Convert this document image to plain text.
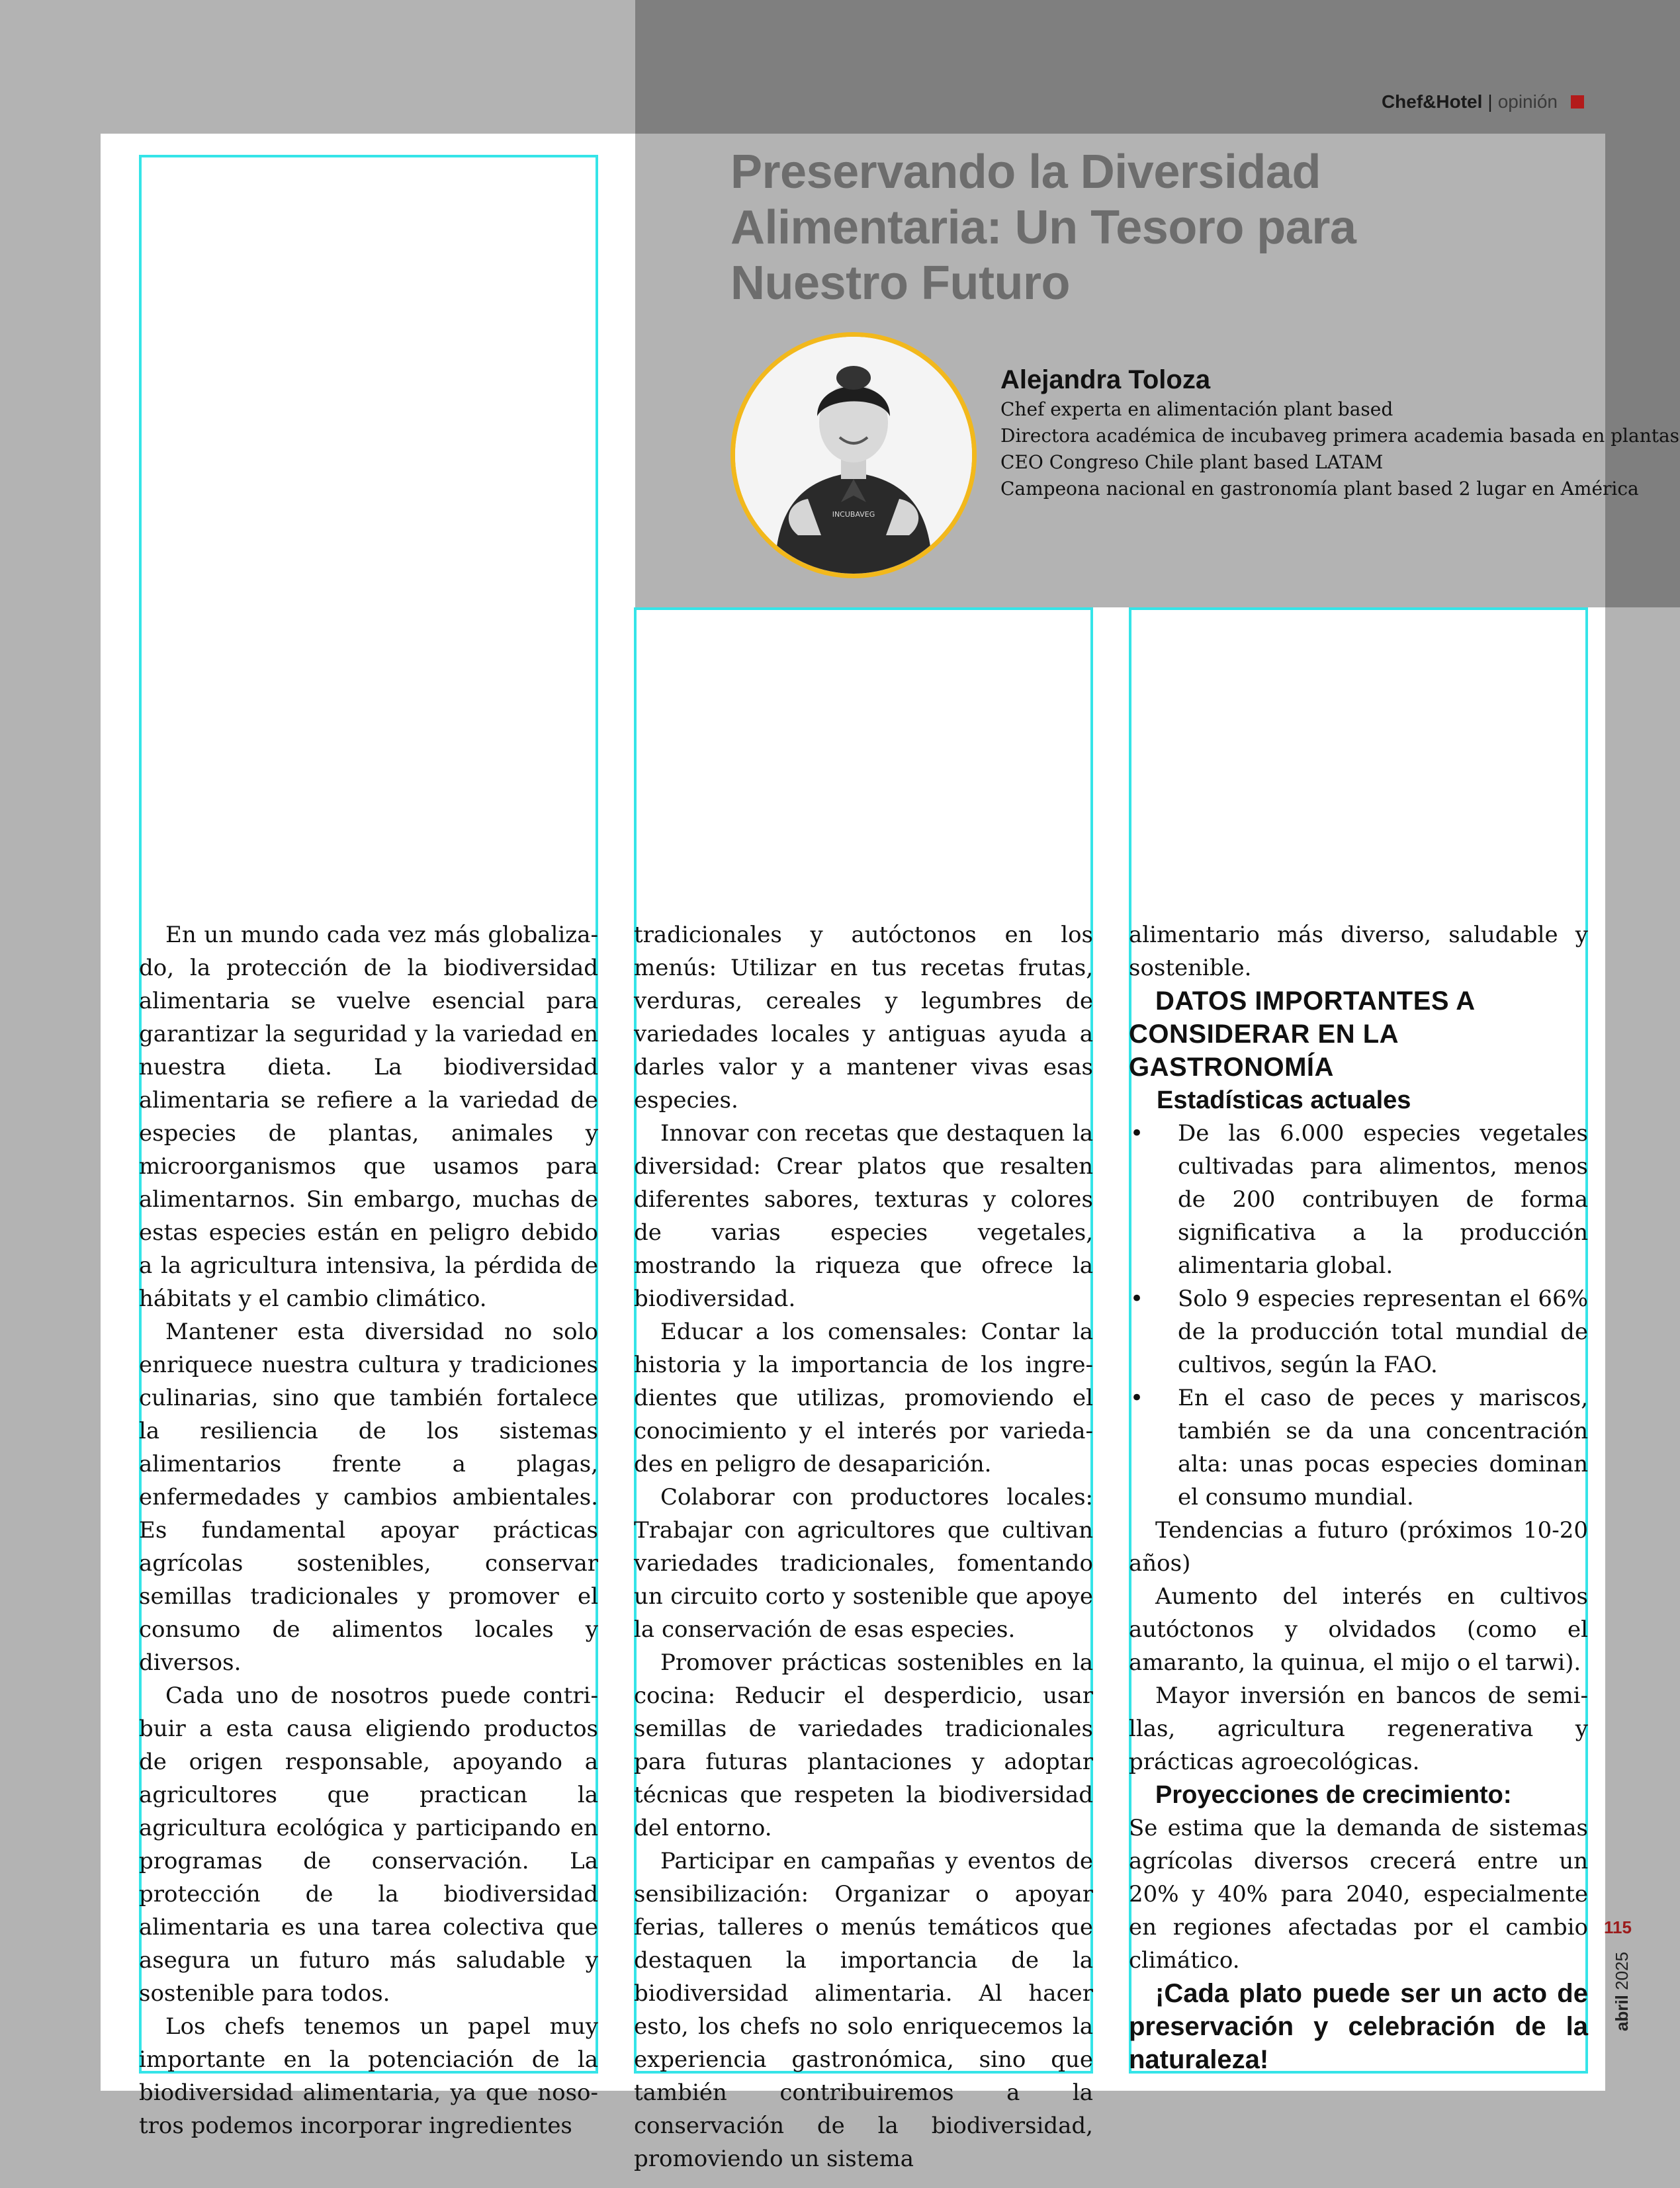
Chef&Hotel | opinión
Preservando la Diversidad Alimentaria: Un Tesoro para Nuestro Futuro
INCUBAVEG
Alejandra Toloza
Chef experta en alimentación plant based
Directora académica de incubaveg primera academia basada en plantas
CEO Congreso Chile plant based LATAM
Campeona nacional en gastronomía plant based 2 lugar en América

En un mundo cada vez más globalizado, la protección de la biodiversidad alimentaria se vuelve esencial para garantizar la seguridad y la variedad en nuestra dieta. La biodiversidad alimentaria se refiere a la variedad de especies de plantas, animales y microorganismos que usamos para alimentarnos. Sin embargo, muchas de estas especies están en peligro debido a la agricultura intensiva, la pérdida de hábitats y el cambio climático.

Mantener esta diversidad no solo enriquece nuestra cultura y tradiciones culinarias, sino que también fortalece la resiliencia de los sistemas alimentarios frente a plagas, enfermedades y cambios ambientales. Es fundamental apoyar prácticas agrícolas sostenibles, conservar semillas tradicionales y promover el consumo de alimentos locales y diversos.

Cada uno de nosotros puede contribuir a esta causa eligiendo productos de origen responsable, apoyando a agricultores que practican la agricultura ecológica y participando en programas de conservación. La protección de la biodiversidad alimentaria es una tarea colectiva que asegura un futuro más saludable y sostenible para todos.

Los chefs tenemos un papel muy importante en la potenciación de la biodiversidad alimentaria, ya que nosotros podemos incorporar ingredientes

tradicionales y autóctonos en los menús: Utilizar en tus recetas frutas, verduras, cereales y legumbres de variedades locales y antiguas ayuda a darles valor y a mantener vivas esas especies.

Innovar con recetas que destaquen la diversidad: Crear platos que resalten diferentes sabores, texturas y colores de varias especies vegetales, mostrando la riqueza que ofrece la biodiversidad.

Educar a los comensales: Contar la historia y la importancia de los ingredientes que utilizas, promoviendo el conocimiento y el interés por variedades en peligro de desaparición.

Colaborar con productores locales: Trabajar con agricultores que cultivan variedades tradicionales, fomentando un circuito corto y sostenible que apoye la conservación de esas especies.

Promover prácticas sostenibles en la cocina: Reducir el desperdicio, usar semillas de variedades tradicionales para futuras plantaciones y adoptar técnicas que respeten la biodiversidad del entorno.

Participar en campañas y eventos de sensibilización: Organizar o apoyar ferias, talleres o menús temáticos que destaquen la importancia de la biodiversidad alimentaria. Al hacer esto, los chefs no solo enriquecemos la experiencia gastronómica, sino que también contribuiremos a la conservación de la biodiversidad, promoviendo un sistema

alimentario más diverso, saludable y sostenible.

DATOS IMPORTANTES A CONSIDERAR EN LA GASTRONOMÍA
Estadísticas actuales
• De las 6.000 especies vegetales cultivadas para alimentos, menos de 200 contribuyen de forma significativa a la producción alimentaria global.
• Solo 9 especies representan el 66% de la producción total mundial de cultivos, según la FAO.
• En el caso de peces y mariscos, también se da una concentración alta: unas pocas especies dominan el consumo mundial.

Tendencias a futuro (próximos 10-20 años)

Aumento del interés en cultivos autóctonos y olvidados (como el amaranto, la quinua, el mijo o el tarwi).

Mayor inversión en bancos de semillas, agricultura regenerativa y prácticas agroecológicas.

Proyecciones de crecimiento:

Se estima que la demanda de sistemas agrícolas diversos crecerá entre un 20% y 40% para 2040, especialmente en regiones afectadas por el cambio climático.

¡Cada plato puede ser un acto de preservación y celebración de la naturaleza!

115
abril 2025
